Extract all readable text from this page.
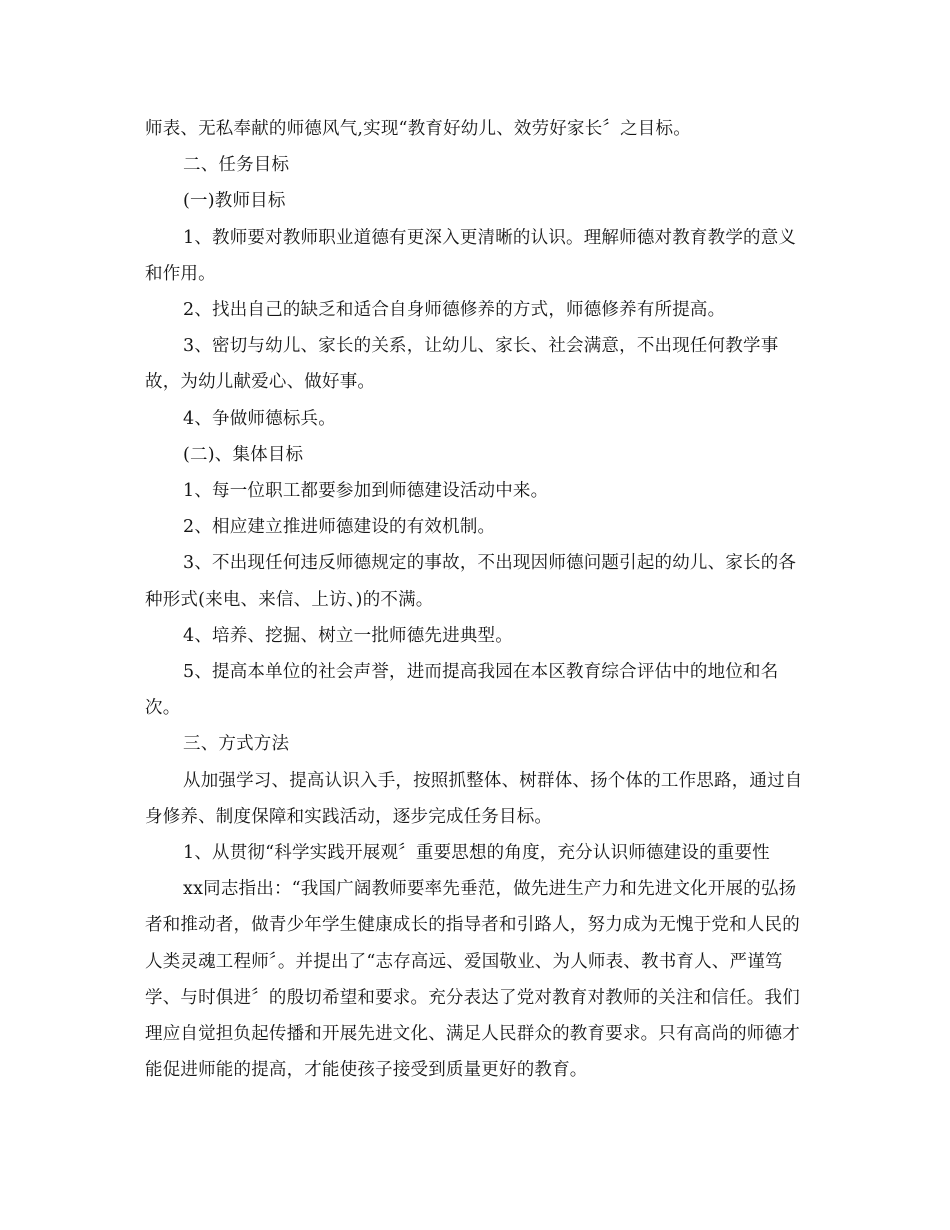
师表、无私奉献的师德风气,实现“教育好幼儿、效劳好家长〞之目标。

二、任务目标

(一)教师目标

1、教师要对教师职业道德有更深入更清晰的认识。理解师德对教育教学的意义和作用。

2、找出自己的缺乏和适合自身师德修养的方式，师德修养有所提高。

3、密切与幼儿、家长的关系，让幼儿、家长、社会满意，不出现任何教学事故，为幼儿献爱心、做好事。

4、争做师德标兵。

(二)、集体目标

1、每一位职工都要参加到师德建设活动中来。

2、相应建立推进师德建设的有效机制。

3、不出现任何违反师德规定的事故，不出现因师德问题引起的幼儿、家长的各种形式(来电、来信、上访、)的不满。

4、培养、挖掘、树立一批师德先进典型。

5、提高本单位的社会声誉，进而提高我园在本区教育综合评估中的地位和名次。

三、方式方法

从加强学习、提高认识入手，按照抓整体、树群体、扬个体的工作思路，通过自身修养、制度保障和实践活动，逐步完成任务目标。

1、从贯彻“科学实践开展观〞重要思想的角度，充分认识师德建设的重要性

xx同志指出：“我国广阔教师要率先垂范，做先进生产力和先进文化开展的弘扬者和推动者，做青少年学生健康成长的指导者和引路人，努力成为无愧于党和人民的人类灵魂工程师〞。并提出了“志存高远、爱国敬业、为人师表、教书育人、严谨笃学、与时俱进〞的殷切希望和要求。充分表达了党对教育对教师的关注和信任。我们理应自觉担负起传播和开展先进文化、满足人民群众的教育要求。只有高尚的师德才能促进师能的提高，才能使孩子接受到质量更好的教育。
